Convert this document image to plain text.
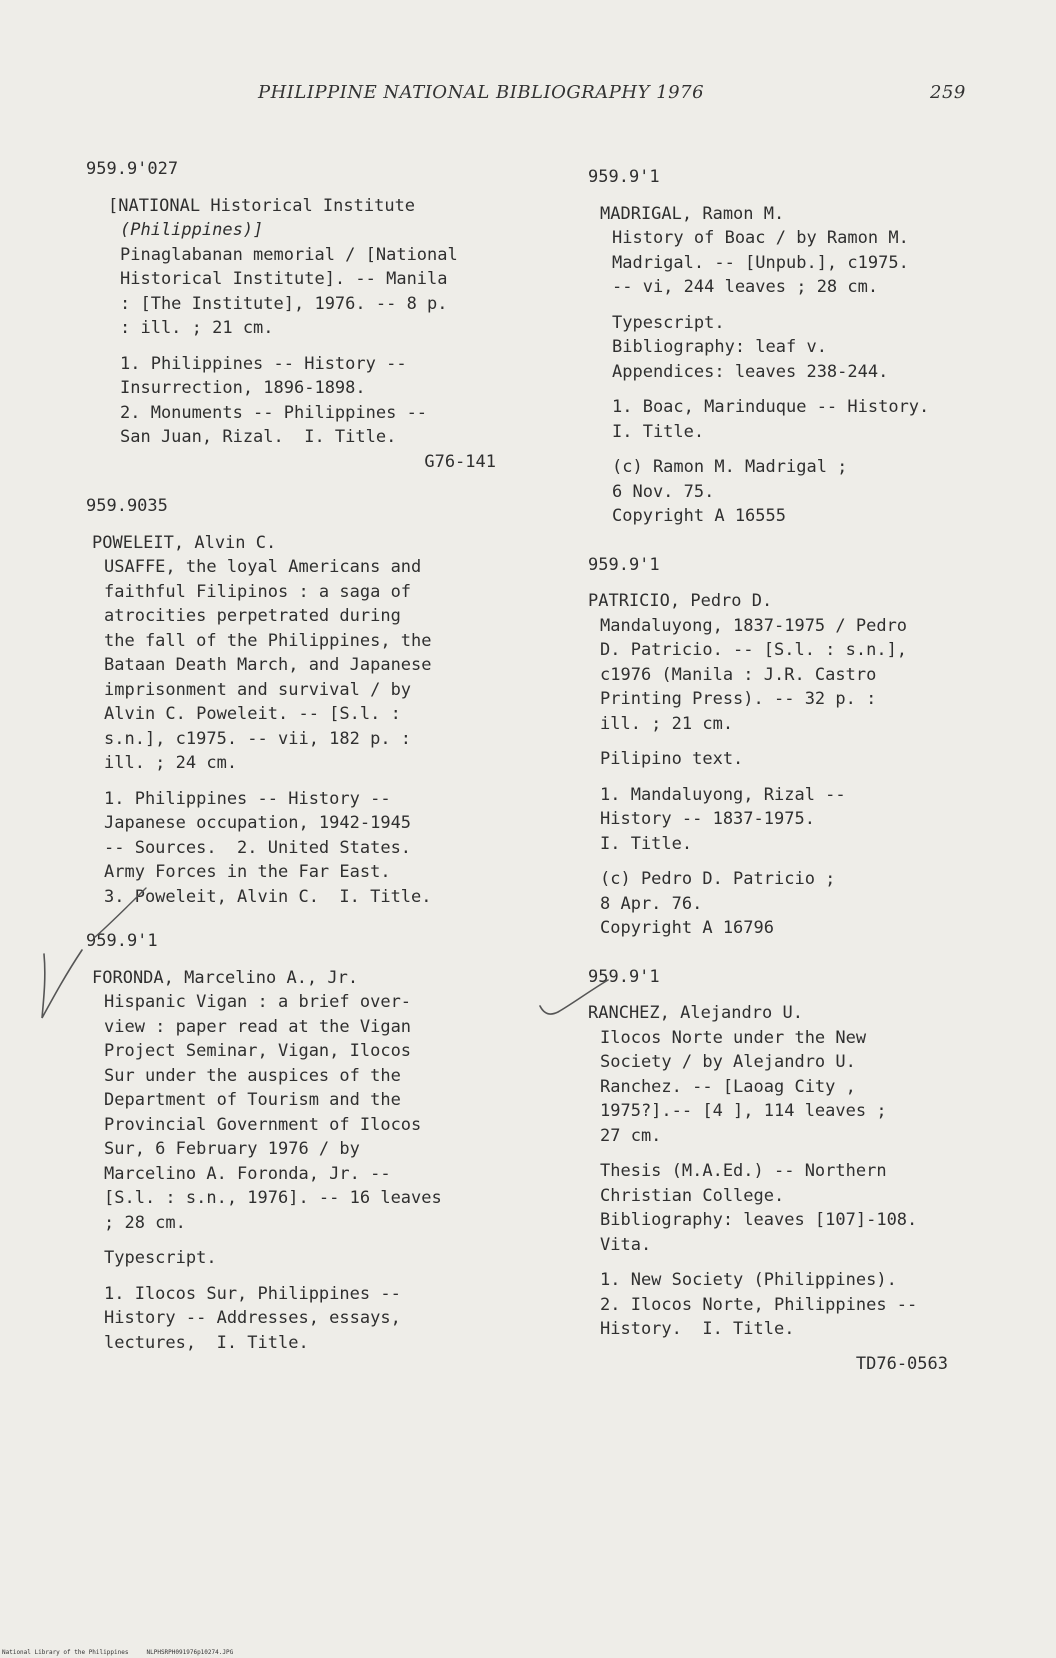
PHILIPPINE NATIONAL BIBLIOGRAPHY 1976	259
959.9'027
[NATIONAL Historical Institute
(Philippines)]
Pinaglabanan memorial / [National
Historical Institute]. -- Manila
: [The Institute], 1976. -- 8 p.
: ill. ; 21 cm.
1. Philippines -- History --
Insurrection, 1896-1898.
2. Monuments -- Philippines --
San Juan, Rizal.  I. Title.
G76-141
959.9035
POWELEIT, Alvin C.
USAFFE, the loyal Americans and
faithful Filipinos : a saga of
atrocities perpetrated during
the fall of the Philippines, the
Bataan Death March, and Japanese
imprisonment and survival / by
Alvin C. Poweleit. -- [S.l. :
s.n.], c1975. -- vii, 182 p. :
ill. ; 24 cm.
1. Philippines -- History --
Japanese occupation, 1942-1945
-- Sources.  2. United States.
Army Forces in the Far East.
3. Poweleit, Alvin C.  I. Title.
959.9'1
FORONDA, Marcelino A., Jr.
Hispanic Vigan : a brief over-
view : paper read at the Vigan
Project Seminar, Vigan, Ilocos
Sur under the auspices of the
Department of Tourism and the
Provincial Government of Ilocos
Sur, 6 February 1976 / by
Marcelino A. Foronda, Jr. --
[S.l. : s.n., 1976]. -- 16 leaves
; 28 cm.
Typescript.
1. Ilocos Sur, Philippines --
History -- Addresses, essays,
lectures,  I. Title.
959.9'1
MADRIGAL, Ramon M.
History of Boac / by Ramon M.
Madrigal. -- [Unpub.], c1975.
-- vi, 244 leaves ; 28 cm.
Typescript.
Bibliography: leaf v.
Appendices: leaves 238-244.
1. Boac, Marinduque -- History.
I. Title.
(c) Ramon M. Madrigal ;
6 Nov. 75.
Copyright A 16555
959.9'1
PATRICIO, Pedro D.
Mandaluyong, 1837-1975 / Pedro
D. Patricio. -- [S.l. : s.n.],
c1976 (Manila : J.R. Castro
Printing Press). -- 32 p. :
ill. ; 21 cm.
Pilipino text.
1. Mandaluyong, Rizal --
History -- 1837-1975.
I. Title.
(c) Pedro D. Patricio ;
8 Apr. 76.
Copyright A 16796
959.9'1
RANCHEZ, Alejandro U.
Ilocos Norte under the New
Society / by Alejandro U.
Ranchez. -- [Laoag City ,
1975?].-- [4 ], 114 leaves ;
27 cm.
Thesis (M.A.Ed.) -- Northern
Christian College.
Bibliography: leaves [107]-108.
Vita.
1. New Society (Philippines).
2. Ilocos Norte, Philippines --
History.  I. Title.
TD76-0563
National Library of the Philippines     NLPHSRPH091976p10274.JPG
